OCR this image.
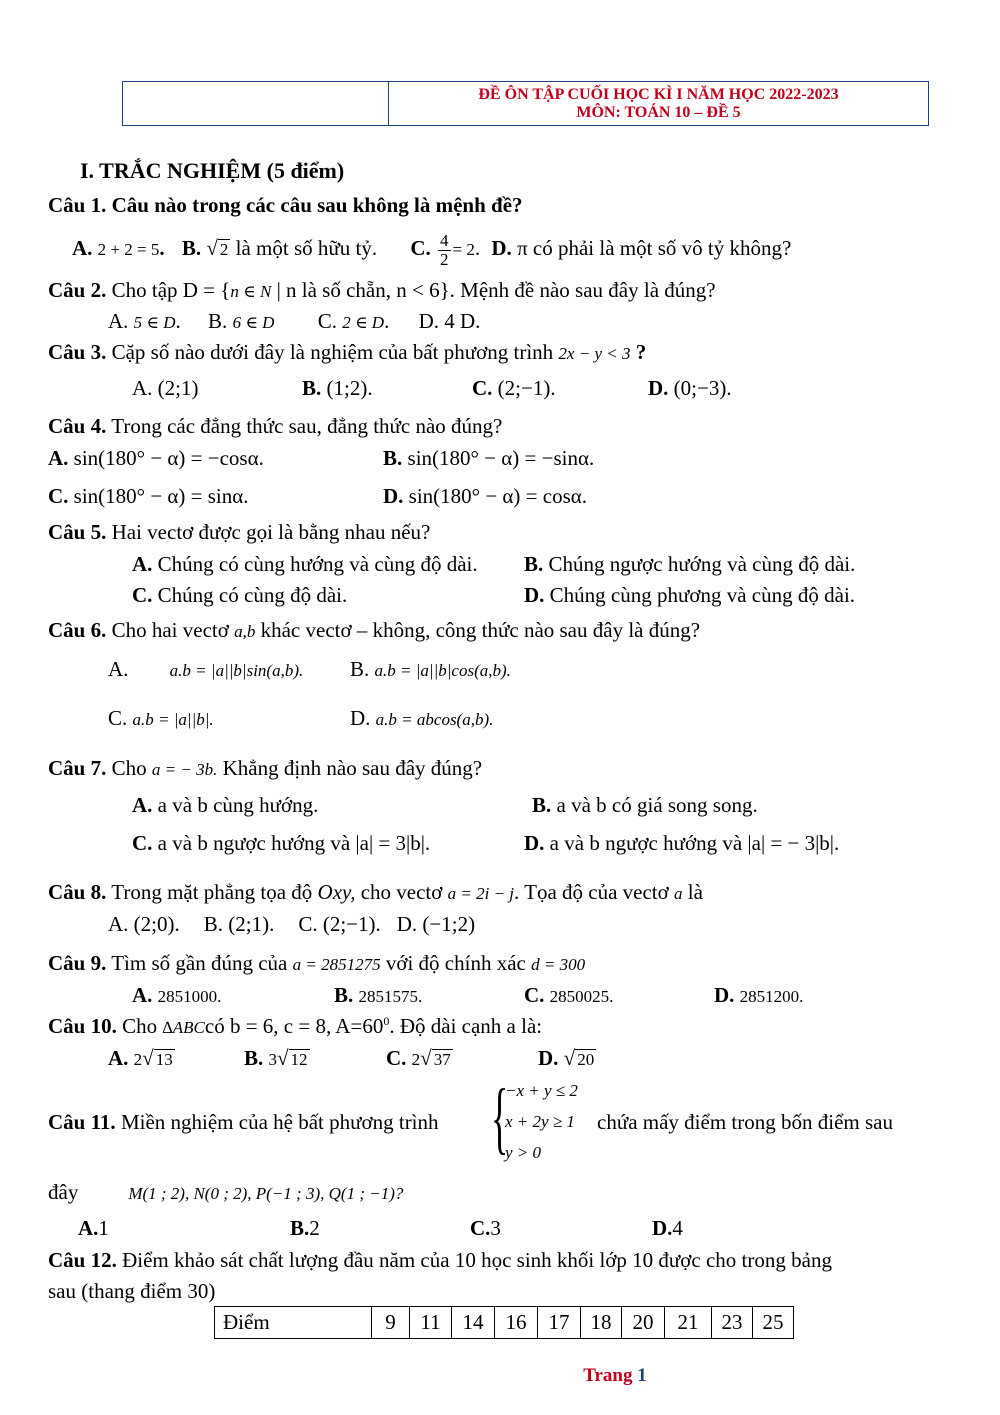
ĐỀ ÔN TẬP CUỐI HỌC KÌ I NĂM HỌC 2022-2023
MÔN: TOÁN 10 – ĐỀ 5
I. TRẮC NGHIỆM (5 điểm)
Câu 1. Câu nào trong các câu sau không là mệnh đề?
A. 2 + 2 = 5. B. √ 2 là một số hữu tỷ. C. $\frac{4}{2} = 2$. D. π có phải là một số vô tỷ không?
Câu 2. Cho tập D = {n ∈ N | n là số chẵn, n < 6}. Mệnh đề nào sau đây là đúng?
A. 5 ∈ D. B. 6 ∈ D C. 2 ∈ D. D. 4 D.
Câu 3. Cặp số nào dưới đây là nghiệm của bất phương trình 2x − y < 3 ?
A. (2;1)	B. (1;2).	C. (2;−1).	D. (0;−3).
Câu 4. Trong các đẳng thức sau, đẳng thức nào đúng?
A. sin(180° − α) = −cosα.	B. sin(180° − α) = −sinα.
C. sin(180° − α) = sinα.	D. sin(180° − α) = cosα.
Câu 5. Hai vectơ được gọi là bằng nhau nếu?
A. Chúng có cùng hướng và cùng độ dài. B. Chúng ngược hướng và cùng độ dài.
C. Chúng có cùng độ dài.	D. Chúng cùng phương và cùng độ dài.
Câu 6. Cho hai vectơ a,b khác vectơ – không, công thức nào sau đây là đúng?
A. a.b = |a||b|sin(a,b). B. a.b = |a||b|cos(a,b).
C. a.b = |a||b|.	D. a.b = abcos(a,b).
Câu 7. Cho a = − 3b. Khẳng định nào sau đây đúng?
A. a và b cùng hướng.	B. a và b có giá song song.
C. a và b ngược hướng và |a| = 3|b|.	D. a và b ngược hướng và |a| = − 3|b|.
Câu 8. Trong mặt phẳng tọa độ Oxy, cho vectơ a = 2i − j. Tọa độ của vectơ a là
A. (2;0). B. (2;1). C. (2;−1). D. (−1;2)
Câu 9. Tìm số gần đúng của a = 2851275 với độ chính xác d = 300
A. 2851000.	B. 2851575.	C. 2850025.	D. 2851200.
Câu 10. Cho ∆ABCcó b = 6, c = 8, $A=60^0$. Độ dài cạnh a là:
A. 2√ 13	B. 3√ 12	C. 2√ 37	D. √ 20
Câu 11. Miền nghiệm của hệ bất phương trình {
−x + y ≤ 2
x + 2y ≥ 1
y > 0
chứa mấy điểm trong bốn điểm sau
đây	M(1 ; 2), N(0 ; 2), P(−1 ; 3), Q(1 ; −1)?
A.1	B.2	C.3	D.4
Câu 12. Điểm khảo sát chất lượng đầu năm của 10 học sinh khối lớp 10 được cho trong bảng
sau (thang điểm 30)
Điểm	9	11	14	16	17	18	20	21	23	25
Trang 1
